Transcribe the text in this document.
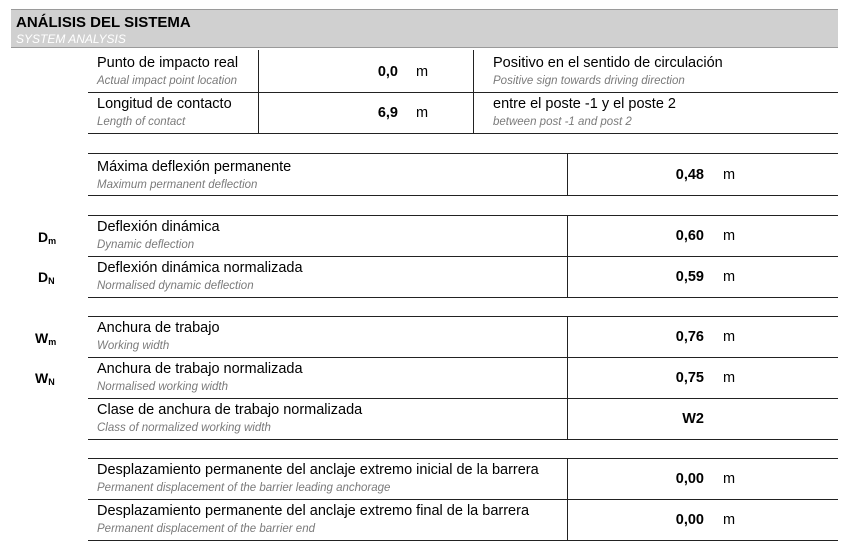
ANÁLISIS DEL SISTEMA
SYSTEM ANALYSIS
Punto de impacto real
Actual impact point location
0,0 m
Positivo en el sentido de circulación
Positive sign towards driving direction
Longitud de contacto
Length of contact
6,9 m
entre el poste -1 y el poste 2
between post -1 and post 2
Máxima deflexión permanente
Maximum permanent deflection
0,48 m
$D_m$
Deflexión dinámica
Dynamic deflection
0,60 m
$D_N$
Deflexión dinámica normalizada
Normalised dynamic deflection
0,59 m
$W_m$
Anchura de trabajo
Working width
0,76 m
$W_N$
Anchura de trabajo normalizada
Normalised working width
0,75 m
Clase de anchura de trabajo normalizada
Class of normalized working width
W2
Desplazamiento permanente del anclaje extremo inicial de la barrera
Permanent displacement of the barrier leading anchorage
0,00 m
Desplazamiento permanente del anclaje extremo final de la barrera
Permanent displacement of the barrier end
0,00 m
